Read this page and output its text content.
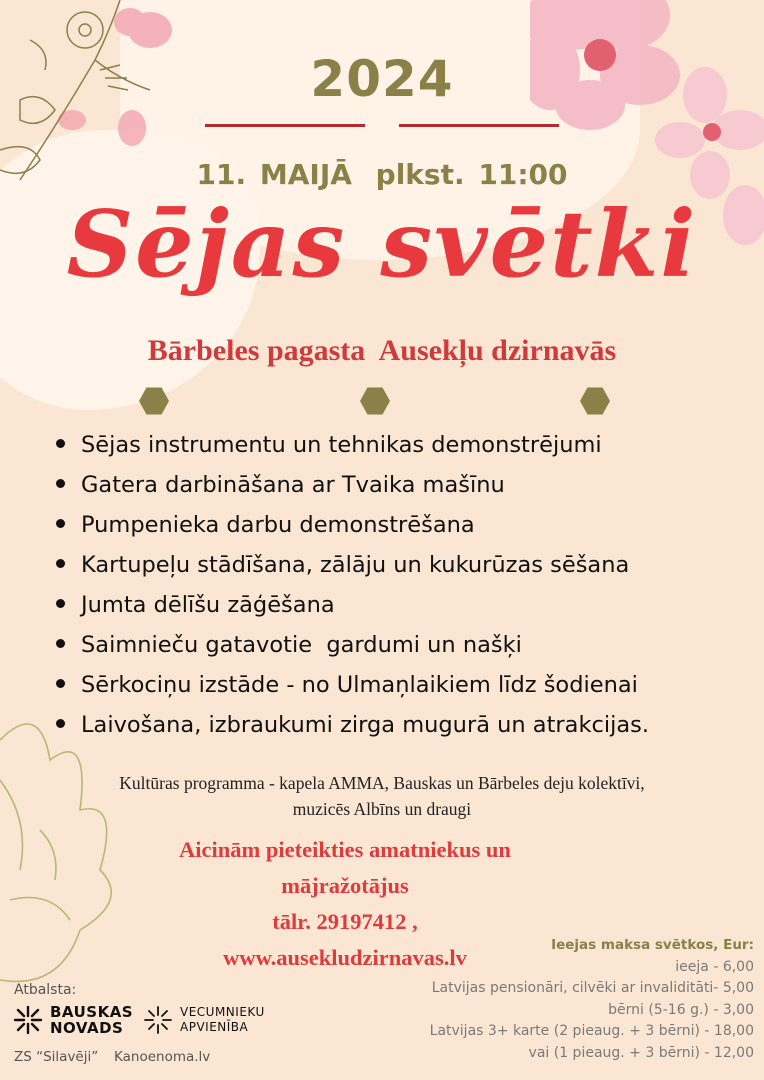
2024
11. MAIJĀ plkst. 11:00
Sējas svētki
Bārbeles pagasta  Ausekļu dzirnavās
Sējas instrumentu un tehnikas demonstrējumi
Gatera darbināšana ar Tvaika mašīnu
Pumpenieka darbu demonstrēšana
Kartupeļu stādīšana, zālāju un kukurūzas sēšana
Jumta dēlīšu zāģēšana
Saimnieču gatavotie  gardumi un našķi
Sērkociņu izstāde - no Ulmaņlaikiem līdz šodienai
Laivošana, izbraukumi zirga mugurā un atrakcijas.
Kultūras programma - kapela AMMA, Bauskas un Bārbeles deju kolektīvi,
muzicēs Albīns un draugi
Aicinām pieteikties amatniekus un
mājražotājus
tālr. 29197412 ,
www.ausekludzirnavas.lv	Ieejas maksa svētkos, Eur:
ieeja - 6,00
Latvijas pensionāri, cilvēki ar invaliditāti- 5,00
bērni (5-16 g.) - 3,00
Latvijas 3+ karte (2 pieaug. + 3 bērni) - 18,00
vai (1 pieaug. + 3 bērni) - 12,00
Atbalsta:
BAUSKAS
NOVADS
VECUMNIEKU
APVIENĪBA
ZS “Silavēji” Kanoenoma.lv
